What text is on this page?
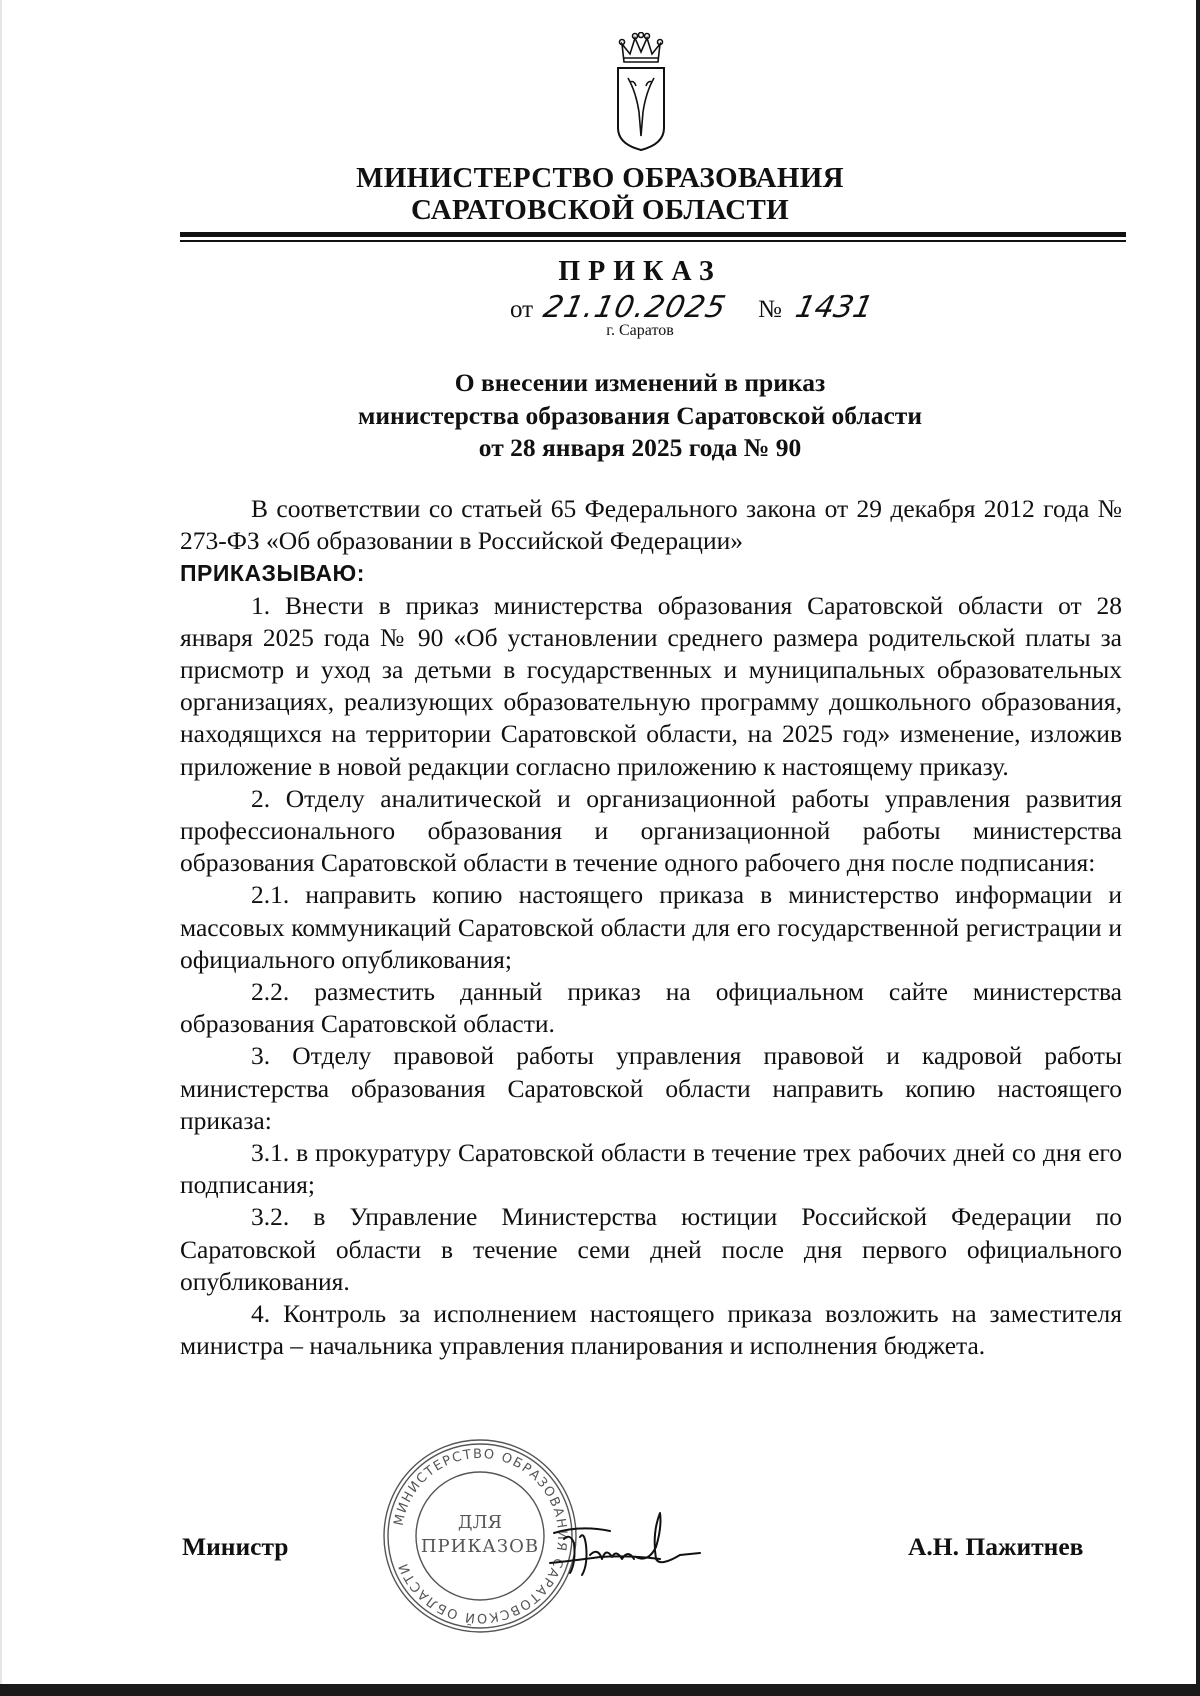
МИНИСТЕРСТВО ОБРАЗОВАНИЯ
САРАТОВСКОЙ ОБЛАСТИ
ПРИКАЗ
от 21.10.2025 № 1431
г. Саратов
О внесении изменений в приказ
министерства образования Саратовской области
от 28 января 2025 года № 90

В соответствии со статьей 65 Федерального закона от 29 декабря 2012 года № 273-ФЗ «Об образовании в Российской Федерации»

ПРИКАЗЫВАЮ:

1. Внести в приказ министерства образования Саратовской области от 28 января 2025 года № 90 «Об установлении среднего размера родительской платы за присмотр и уход за детьми в государственных и муниципальных образовательных организациях, реализующих образовательную программу дошкольного образования, находящихся на территории Саратовской области, на 2025 год» изменение, изложив приложение в новой редакции согласно приложению к настоящему приказу.

2. Отделу аналитической и организационной работы управления развития профессионального образования и организационной работы министерства образования Саратовской области в течение одного рабочего дня после подписания:

2.1. направить копию настоящего приказа в министерство информации и массовых коммуникаций Саратовской области для его государственной регистрации и официального опубликования;

2.2. разместить данный приказ на официальном сайте министерства образования Саратовской области.

3. Отделу правовой работы управления правовой и кадровой работы министерства образования Саратовской области направить копию настоящего приказа:

3.1. в прокуратуру Саратовской области в течение трех рабочих дней со дня его подписания;

3.2. в Управление Министерства юстиции Российской Федерации по Саратовской области в течение семи дней после дня первого официального опубликования.

4. Контроль за исполнением настоящего приказа возложить на заместителя министра – начальника управления планирования и исполнения бюджета.

МИНИСТЕРСТВО ОБРАЗОВАНИЯ САРАТОВСКОЙ ОБЛАСТИ
ДЛЯ
ПРИКАЗОВ
Министр	А.Н. Пажитнев
